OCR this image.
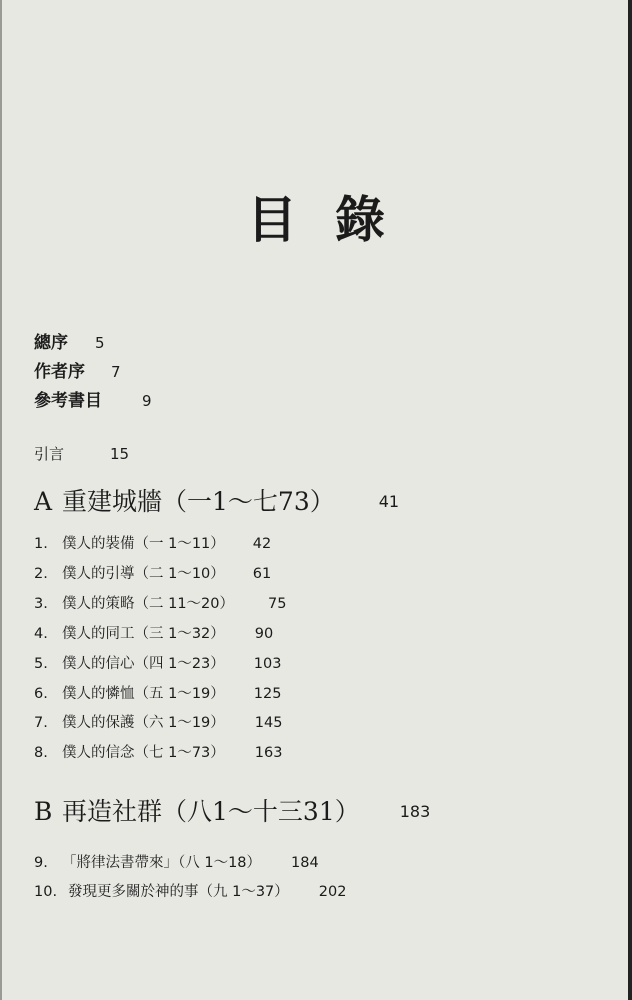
目 錄
總序 5
作者序 7
參考書目	9
引言	15
A 重建城牆（一1～七73）	41
1. 僕人的裝備（一 1～11） 42
2. 僕人的引導（二 1～10） 61
3. 僕人的策略（二 11～20） 75
4. 僕人的同工（三 1～32） 90
5. 僕人的信心（四 1～23） 103
6. 僕人的憐恤（五 1～19） 125
7. 僕人的保護（六 1～19） 145
8. 僕人的信念（七 1～73） 163
B 再造社群（八1～十三31）	183
9. 「將律法書帶來」（八 1～18） 184
10. 發現更多關於神的事（九 1～37） 202
